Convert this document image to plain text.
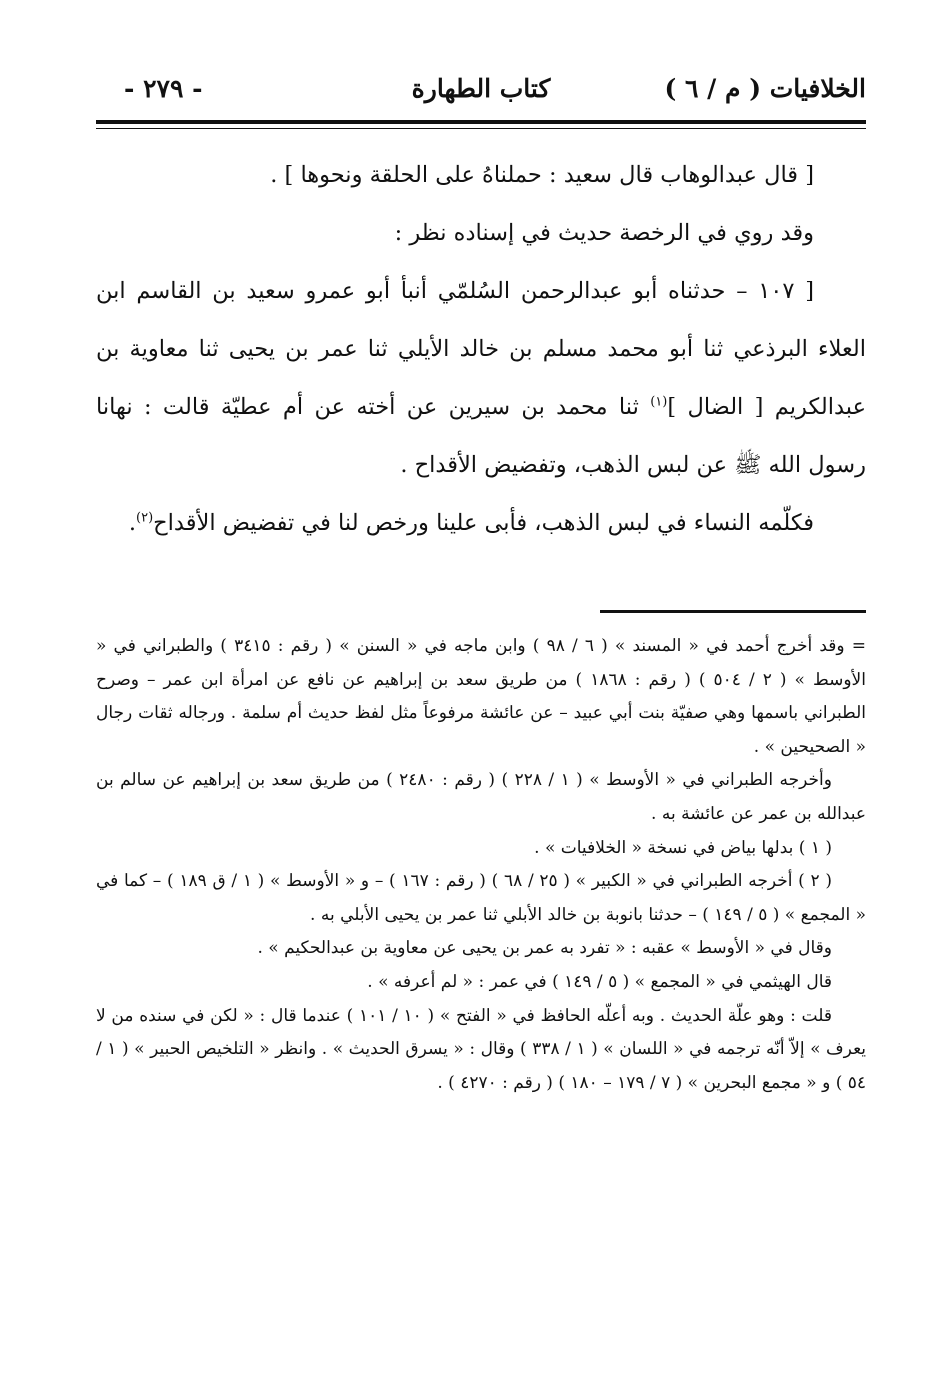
الخلافيات ( م / ٦ )
كتاب الطهارة
- ٢٧٩ -

[ قال عبدالوهاب قال سعيد : حملناهُ على الحلقة ونحوها ] .

وقد روي في الرخصة حديث في إسناده نظر :

[ ١٠٧ – حدثناه أبو عبدالرحمن السُلمّي أنبأ أبو عمرو سعيد بن القاسم ابن العلاء البرذعي ثنا أبو محمد مسلم بن خالد الأيلي ثنا عمر بن يحيى ثنا معاوية بن عبدالكريم [ الضال ]$^{(١)}$ ثنا محمد بن سيرين عن أخته عن أم عطيّة قالت : نهانا رسول الله ﷺ عن لبس الذهب، وتفضيض الأقداح .

فكلّمه النساء في لبس الذهب، فأبى علينا ورخص لنا في تفضيض الأقداح$^{(٢)}$.

= وقد أخرج أحمد في « المسند » ( ٦ / ٩٨ ) وابن ماجه في « السنن » ( رقم : ٣٤١٥ ) والطبراني في « الأوسط » ( ٢ / ٥٠٤ ) ( رقم : ١٨٦٨ ) من طريق سعد بن إبراهيم عن نافع عن امرأة ابن عمر – وصرح الطبراني باسمها وهي صفيّة بنت أبي عبيد – عن عائشة مرفوعاً مثل لفظ حديث أم سلمة . ورجاله ثقات رجال « الصحيحين » .

وأخرجه الطبراني في « الأوسط » ( ١ / ٢٢٨ ) ( رقم : ٢٤٨٠ ) من طريق سعد بن إبراهيم عن سالم بن عبدالله بن عمر عن عائشة به .

( ١ ) بدلها بياض في نسخة « الخلافيات » .

( ٢ ) أخرجه الطبراني في « الكبير » ( ٢٥ / ٦٨ ) ( رقم : ١٦٧ ) – و « الأوسط » ( ١ / ق ١٨٩ ) – كما في « المجمع » ( ٥ / ١٤٩ ) – حدثنا بانوبة بن خالد الأبلي ثنا عمر بن يحيى الأبلي به .

وقال في « الأوسط » عقبه : « تفرد به عمر بن يحيى عن معاوية بن عبدالحكيم » .

قال الهيثمي في « المجمع » ( ٥ / ١٤٩ ) في عمر : « لم أعرفه » .

قلت : وهو علّة الحديث . وبه أعلّه الحافظ في « الفتح » ( ١٠ / ١٠١ ) عندما قال : « لكن في سنده من لا يعرف » إلاّ أنّه ترجمه في « اللسان » ( ١ / ٣٣٨ ) وقال : « يسرق الحديث » . وانظر « التلخيص الحبير » ( ١ / ٥٤ ) و « مجمع البحرين » ( ٧ / ١٧٩ – ١٨٠ ) ( رقم : ٤٢٧٠ ) .
